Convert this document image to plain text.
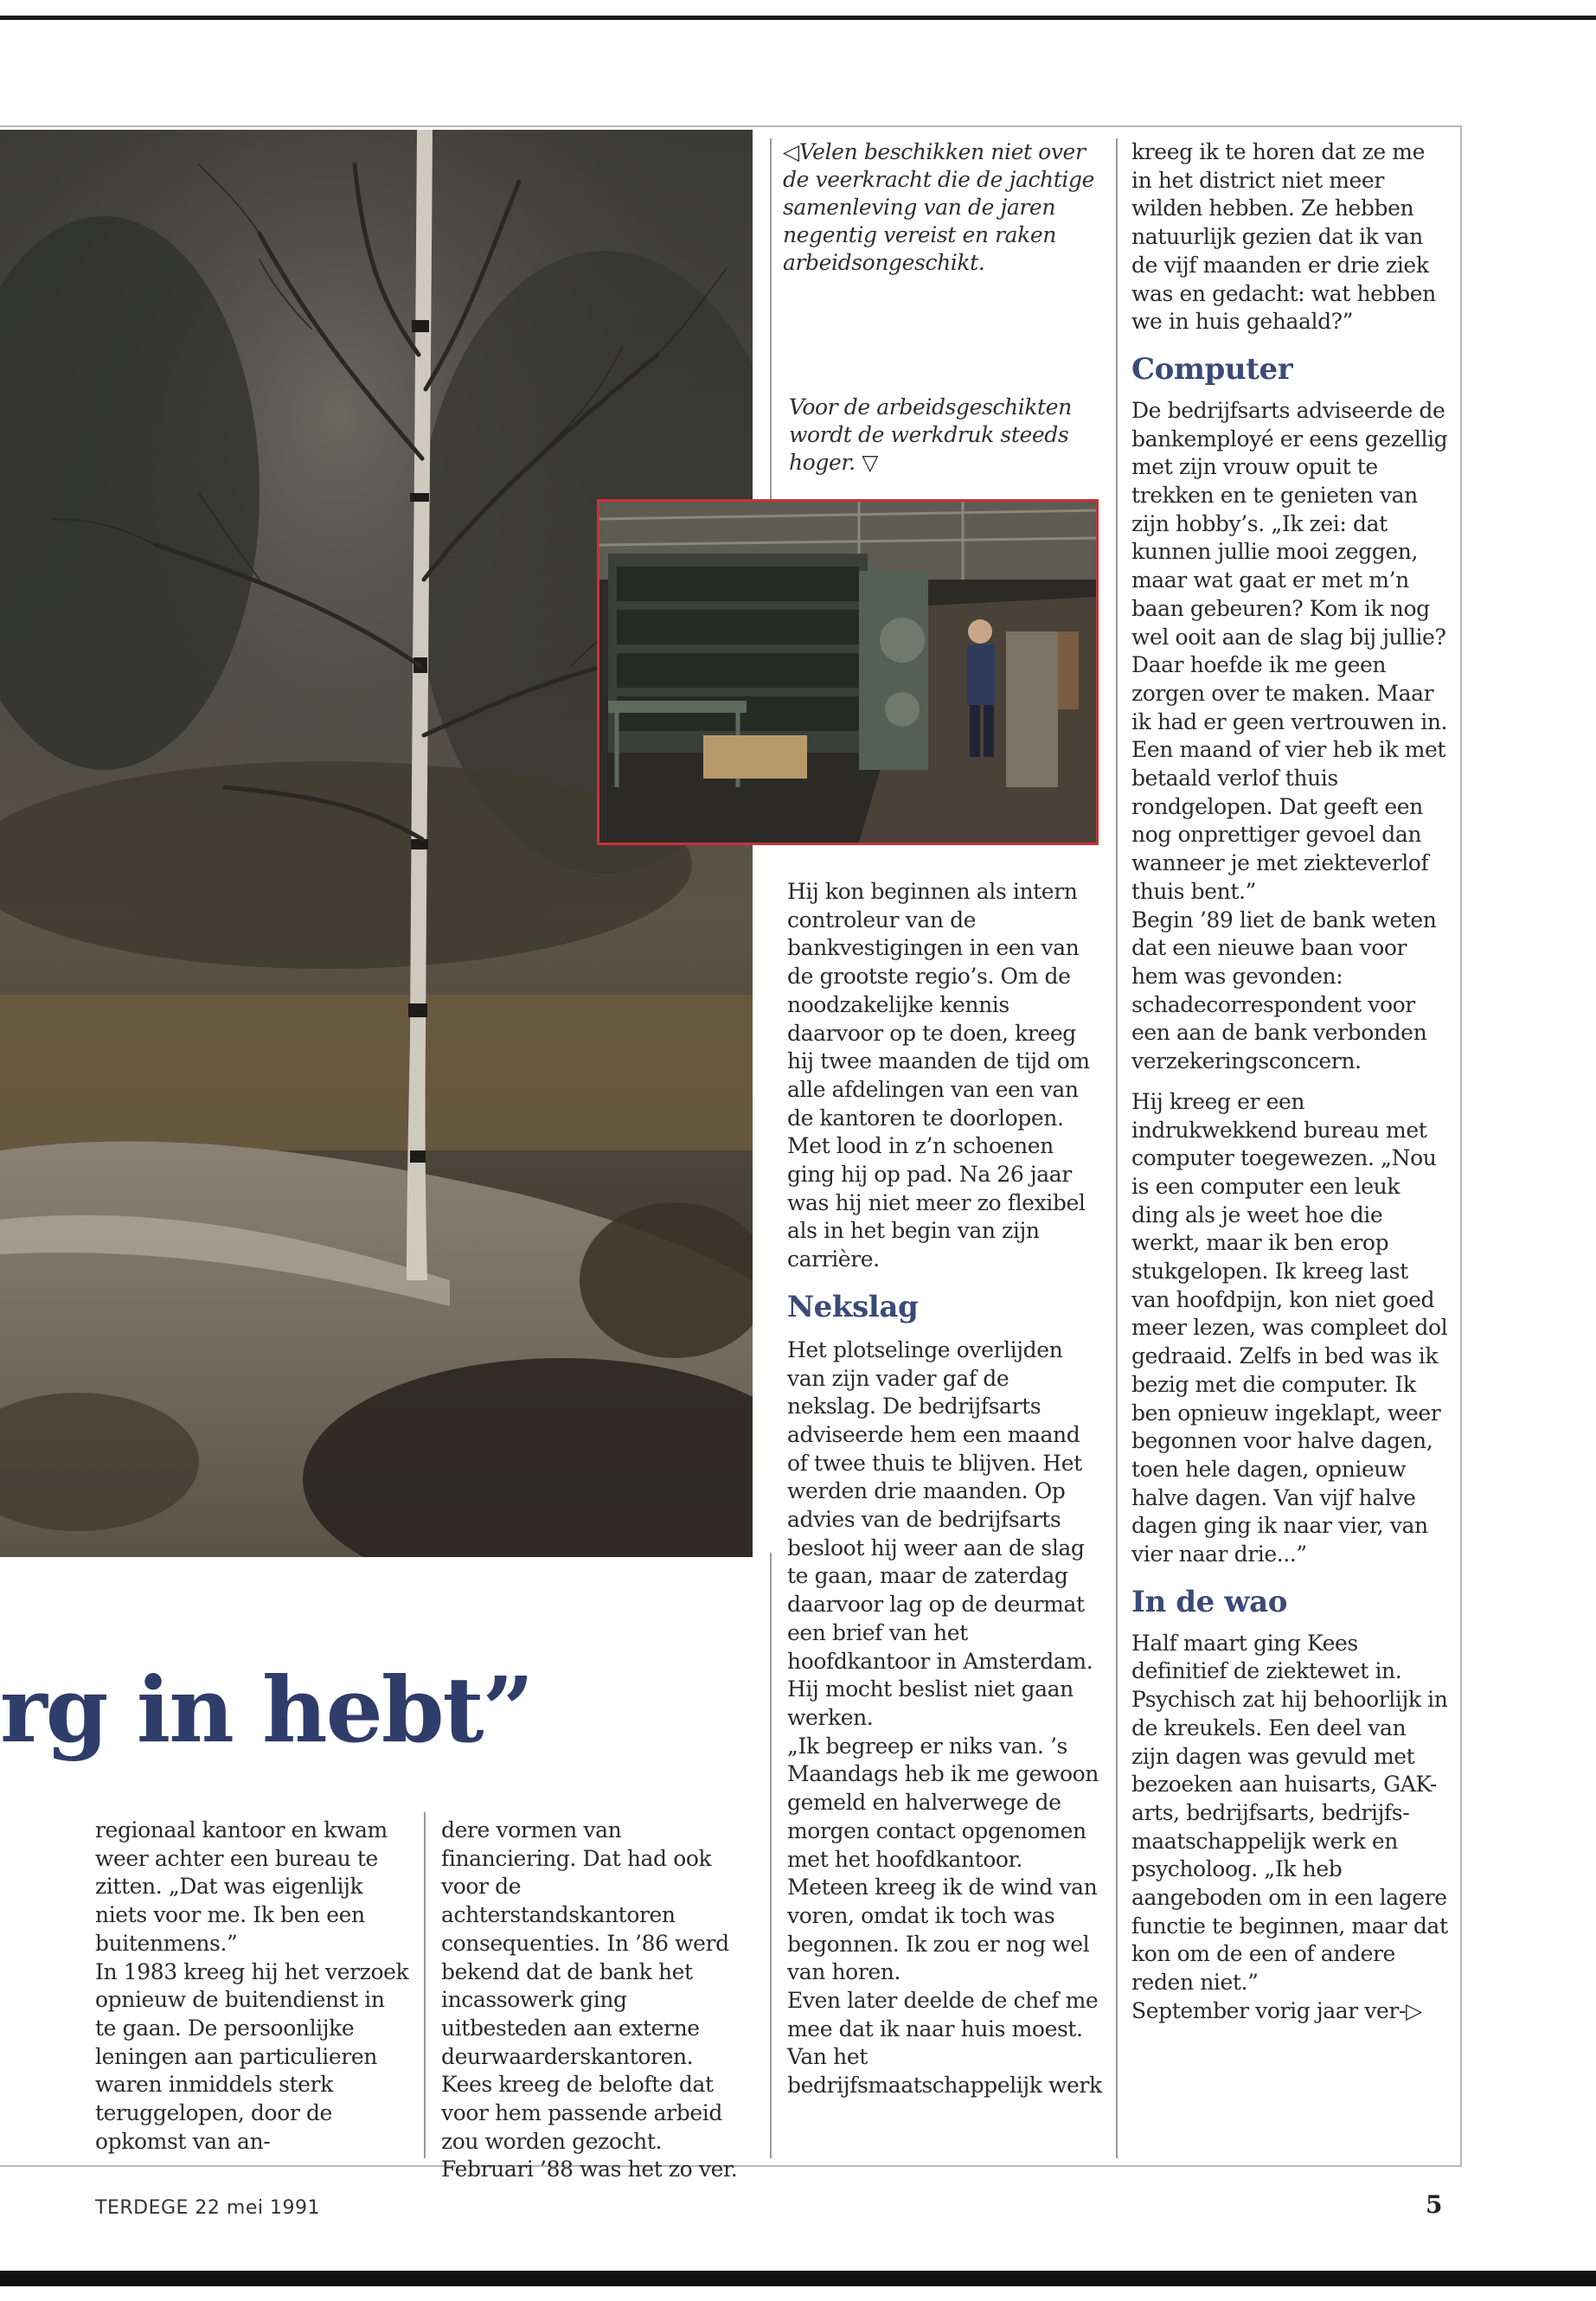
rg in hebt”
◁Velen beschikken niet over de veerkracht die de jachtige samenleving van de jaren negentig vereist en raken arbeidsongeschikt.
Voor de arbeidsgeschikten wordt de werkdruk steeds hoger. ▽

regionaal kantoor en kwam weer achter een bureau te zitten. „Dat was eigenlijk niets voor me. Ik ben een buitenmens.”

In 1983 kreeg hij het verzoek opnieuw de buitendienst in te gaan. De persoonlijke leningen aan particulieren waren inmiddels sterk teruggelopen, door de opkomst van an-

dere vormen van financiering. Dat had ook voor de achterstandskantoren consequenties. In ’86 werd bekend dat de bank het incassowerk ging uitbesteden aan externe deurwaarderskantoren.

Kees kreeg de belofte dat voor hem passende arbeid zou worden gezocht. Februari ’88 was het zo ver.

Hij kon beginnen als intern controleur van de bankvestigingen in een van de grootste regio’s. Om de noodzakelijke kennis daarvoor op te doen, kreeg hij twee maanden de tijd om alle afdelingen van een van de kantoren te doorlopen. Met lood in z’n schoenen ging hij op pad. Na 26 jaar was hij niet meer zo flexibel als in het begin van zijn carrière.

Nekslag

Het plotselinge overlijden van zijn vader gaf de nekslag. De bedrijfsarts adviseerde hem een maand of twee thuis te blijven. Het werden drie maanden. Op advies van de bedrijfsarts besloot hij weer aan de slag te gaan, maar de zaterdag daarvoor lag op de deurmat een brief van het hoofdkantoor in Amsterdam. Hij mocht beslist niet gaan werken.

„Ik begreep er niks van. ’s Maandags heb ik me gewoon gemeld en halverwege de morgen contact opgenomen met het hoofdkantoor. Meteen kreeg ik de wind van voren, omdat ik toch was begonnen. Ik zou er nog wel van horen.

Even later deelde de chef me mee dat ik naar huis moest. Van het bedrijfsmaatschappelijk werk

kreeg ik te horen dat ze me in het district niet meer wilden hebben. Ze hebben natuurlijk gezien dat ik van de vijf maanden er drie ziek was en gedacht: wat hebben we in huis gehaald?”

Computer

De bedrijfsarts adviseerde de bankemployé er eens gezellig met zijn vrouw opuit te trekken en te genieten van zijn hobby’s. „Ik zei: dat kunnen jullie mooi zeggen, maar wat gaat er met m’n baan gebeuren? Kom ik nog wel ooit aan de slag bij jullie? Daar hoefde ik me geen zorgen over te maken. Maar ik had er geen vertrouwen in. Een maand of vier heb ik met betaald verlof thuis rondgelopen. Dat geeft een nog onprettiger gevoel dan wanneer je met ziekteverlof thuis bent.”

Begin ’89 liet de bank weten dat een nieuwe baan voor hem was gevonden: schadecorrespondent voor een aan de bank verbonden verzekeringsconcern.

Hij kreeg er een indrukwekkend bureau met computer toegewezen. „Nou is een computer een leuk ding als je weet hoe die werkt, maar ik ben erop stukgelopen. Ik kreeg last van hoofdpijn, kon niet goed meer lezen, was compleet dol gedraaid. Zelfs in bed was ik bezig met die computer. Ik ben opnieuw ingeklapt, weer begonnen voor halve dagen, toen hele dagen, opnieuw halve dagen. Van vijf halve dagen ging ik naar vier, van vier naar drie...”

In de wao

Half maart ging Kees definitief de ziektewet in. Psychisch zat hij behoorlijk in de kreukels. Een deel van zijn dagen was gevuld met bezoeken aan huisarts, GAK-arts, bedrijfsarts, bedrijfs-maatschappelijk werk en psycholoog. „Ik heb aangeboden om in een lagere functie te beginnen, maar dat kon om de een of andere reden niet.”

September vorig jaar ver-▷

TERDEGE 22 mei 1991	5
